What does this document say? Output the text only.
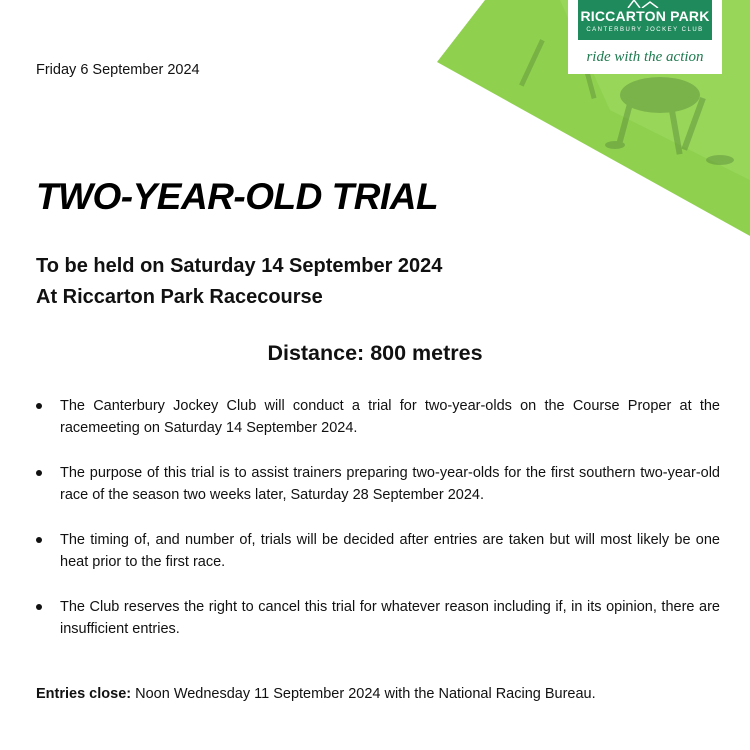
RICCARTON PARK
CANTERBURY JOCKEY CLUB
ride with the action
Friday 6 September 2024
TWO-YEAR-OLD TRIAL
To be held on Saturday 14 September 2024
At Riccarton Park Racecourse
Distance: 800 metres
The Canterbury Jockey Club will conduct a trial for two-year-olds on the Course Proper at the racemeeting on Saturday 14 September 2024.
The purpose of this trial is to assist trainers preparing two-year-olds for the first southern two-year-old race of the season two weeks later, Saturday 28 September 2024.
The timing of, and number of, trials will be decided after entries are taken but will most likely be one heat prior to the first race.
The Club reserves the right to cancel this trial for whatever reason including if, in its opinion, there are insufficient entries.
Entries close: Noon Wednesday 11 September 2024 with the National Racing Bureau.
